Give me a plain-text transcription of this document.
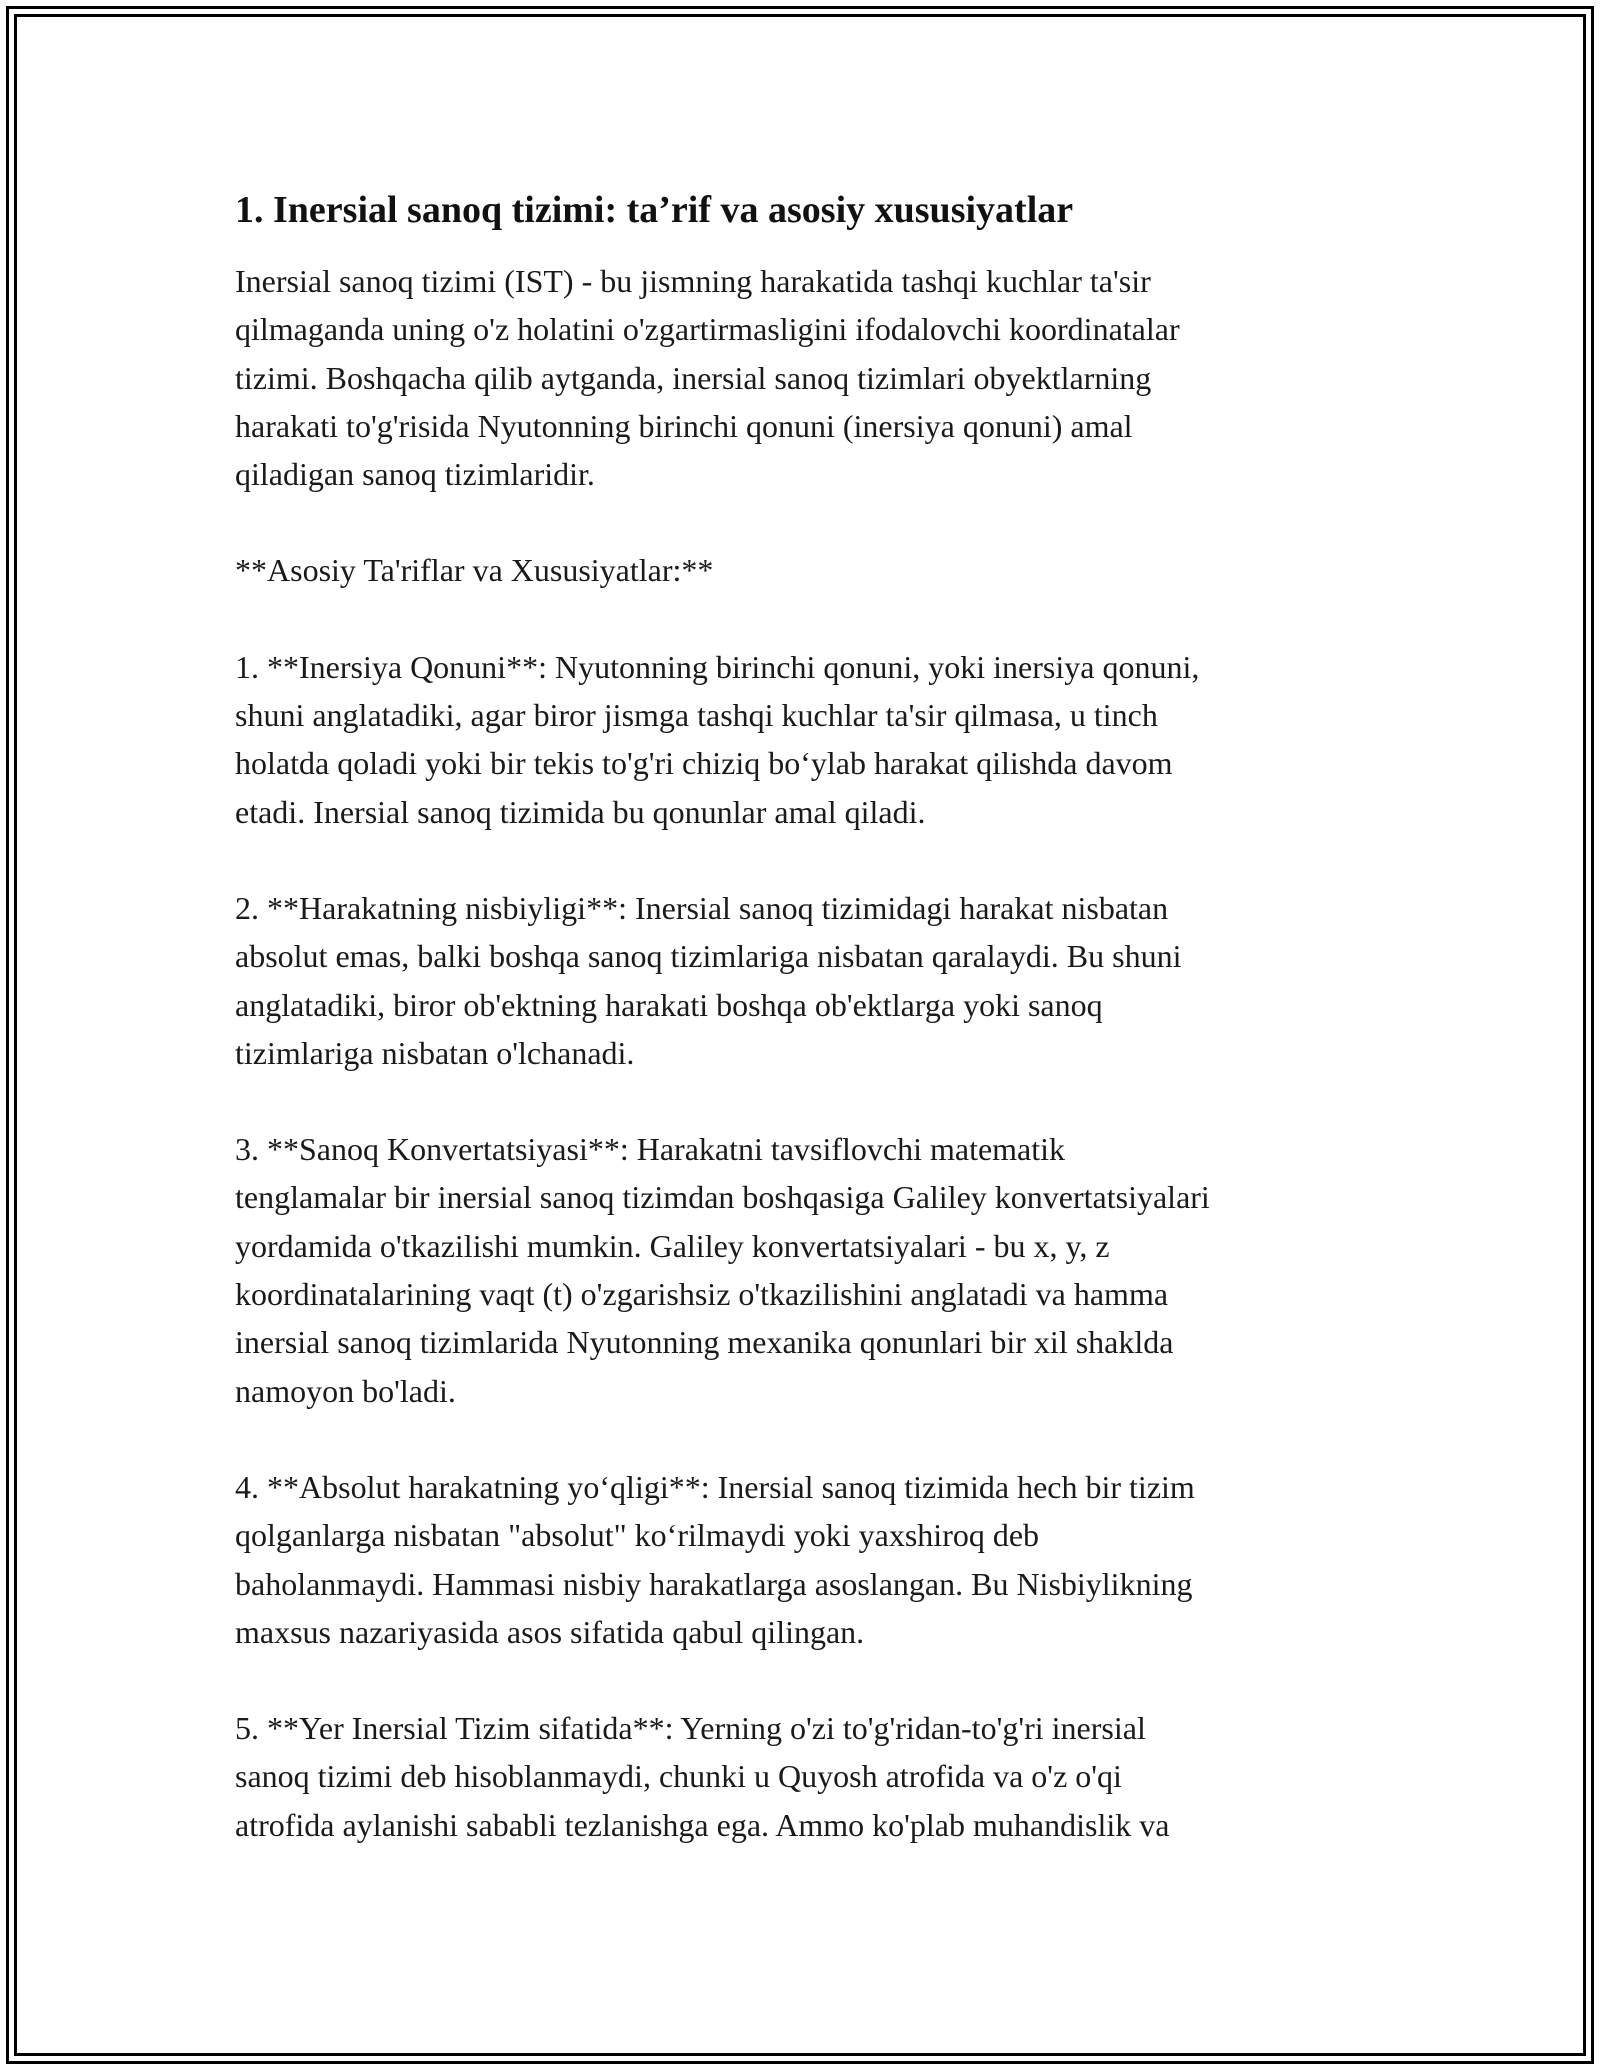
1. Inersial sanoq tizimi: ta’rif va asosiy xususiyatlar
Inersial sanoq tizimi (IST) - bu jismning harakatida tashqi kuchlar ta'sir
qilmaganda uning o'z holatini o'zgartirmasligini ifodalovchi koordinatalar
tizimi. Boshqacha qilib aytganda, inersial sanoq tizimlari obyektlarning
harakati to'g'risida Nyutonning birinchi qonuni (inersiya qonuni) amal
qiladigan sanoq tizimlaridir.
**Asosiy Ta'riflar va Xususiyatlar:**
1. **Inersiya Qonuni**: Nyutonning birinchi qonuni, yoki inersiya qonuni,
shuni anglatadiki, agar biror jismga tashqi kuchlar ta'sir qilmasa, u tinch
holatda qoladi yoki bir tekis to'g'ri chiziq bo‘ylab harakat qilishda davom
etadi. Inersial sanoq tizimida bu qonunlar amal qiladi.
2. **Harakatning nisbiyligi**: Inersial sanoq tizimidagi harakat nisbatan
absolut emas, balki boshqa sanoq tizimlariga nisbatan qaralaydi. Bu shuni
anglatadiki, biror ob'ektning harakati boshqa ob'ektlarga yoki sanoq
tizimlariga nisbatan o'lchanadi.
3. **Sanoq Konvertatsiyasi**: Harakatni tavsiflovchi matematik
tenglamalar bir inersial sanoq tizimdan boshqasiga Galiley konvertatsiyalari
yordamida o'tkazilishi mumkin. Galiley konvertatsiyalari - bu x, y, z
koordinatalarining vaqt (t) o'zgarishsiz o'tkazilishini anglatadi va hamma
inersial sanoq tizimlarida Nyutonning mexanika qonunlari bir xil shaklda
namoyon bo'ladi.
4. **Absolut harakatning yo‘qligi**: Inersial sanoq tizimida hech bir tizim
qolganlarga nisbatan "absolut" ko‘rilmaydi yoki yaxshiroq deb
baholanmaydi. Hammasi nisbiy harakatlarga asoslangan. Bu Nisbiylikning
maxsus nazariyasida asos sifatida qabul qilingan.
5. **Yer Inersial Tizim sifatida**: Yerning o'zi to'g'ridan-to'g'ri inersial
sanoq tizimi deb hisoblanmaydi, chunki u Quyosh atrofida va o'z o'qi
atrofida aylanishi sababli tezlanishga ega. Ammo ko'plab muhandislik va
